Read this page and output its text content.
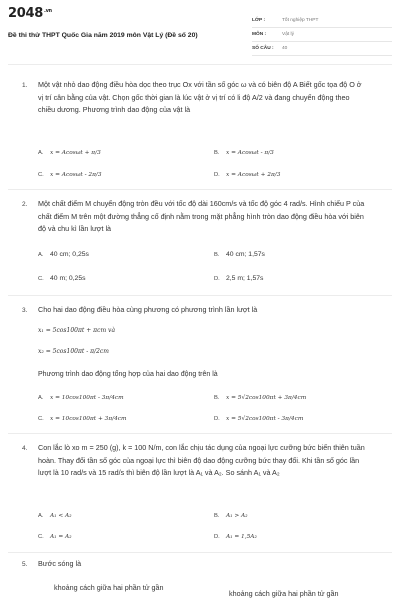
$2048^{.vn}$
Đề thi thử THPT Quốc Gia năm 2019 môn Vật Lý (Đề số 20)
LỚP :	Tốt nghiệp THPT
MÔN :	Vật lý
SỐ CÂU :	40
1. Một vật nhỏ dao động điều hòa dọc theo trục Ox với tần số góc ω và có biên độ A Biết gốc tọa độ O ở vị trí cân bằng của vật. Chọn gốc thời gian là lúc vật ở vị trí có li độ A/2 và đang chuyển động theo chiều dương. Phương trình dao động của vật là
A. x = Acosωt + π/3	B. x = Acosωt - π/3
C. x = Acosωt - 2π/3	D. x = Acosωt + 2π/3
2. Một chất điểm M chuyển động tròn đều với tốc độ dài 160cm/s và tốc độ góc 4 rad/s. Hình chiếu P của chất điểm M trên một đường thẳng cố định nằm trong mặt phẳng hình tròn dao động điều hòa với biên độ và chu kì lần lượt là
A. 40 cm; 0,25s	B. 40 cm; 1,57s
C. 40 m; 0,25s	D. 2,5 m; 1,57s
3. Cho hai dao động điều hòa cùng phương có phương trình lần lượt là
x₁ = 5cos100πt + πcm và
x₂ = 5cos100πt - π/2cm
Phương trình dao động tổng hợp của hai dao động trên là
A. x = 10cos100πt - 3π/4cm	B. x = 5√2cos100πt + 3π/4cm
C. x = 10cos100πt + 3π/4cm	D. x = 5√2cos100πt - 3π/4cm
4. Con lắc lò xo m = 250 (g), k = 100 N/m, con lắc chịu tác dụng của ngoại lực cưỡng bức biến thiên tuần hoàn. Thay đổi tần số góc của ngoại lực thì biên độ dao động cưỡng bức thay đổi. Khi tần số góc lần lượt là 10 rad/s và 15 rad/s thì biên độ lần lượt là A₁ và A₂. So sánh A₁ và A₂
A. A₁ < A₂	B. A₁ > A₂
C. A₁ = A₂	D. A₁ = 1,5A₂
5. Bước sóng là
khoảng cách giữa hai phần tử gần
khoảng cách giữa hai phần tử gần
